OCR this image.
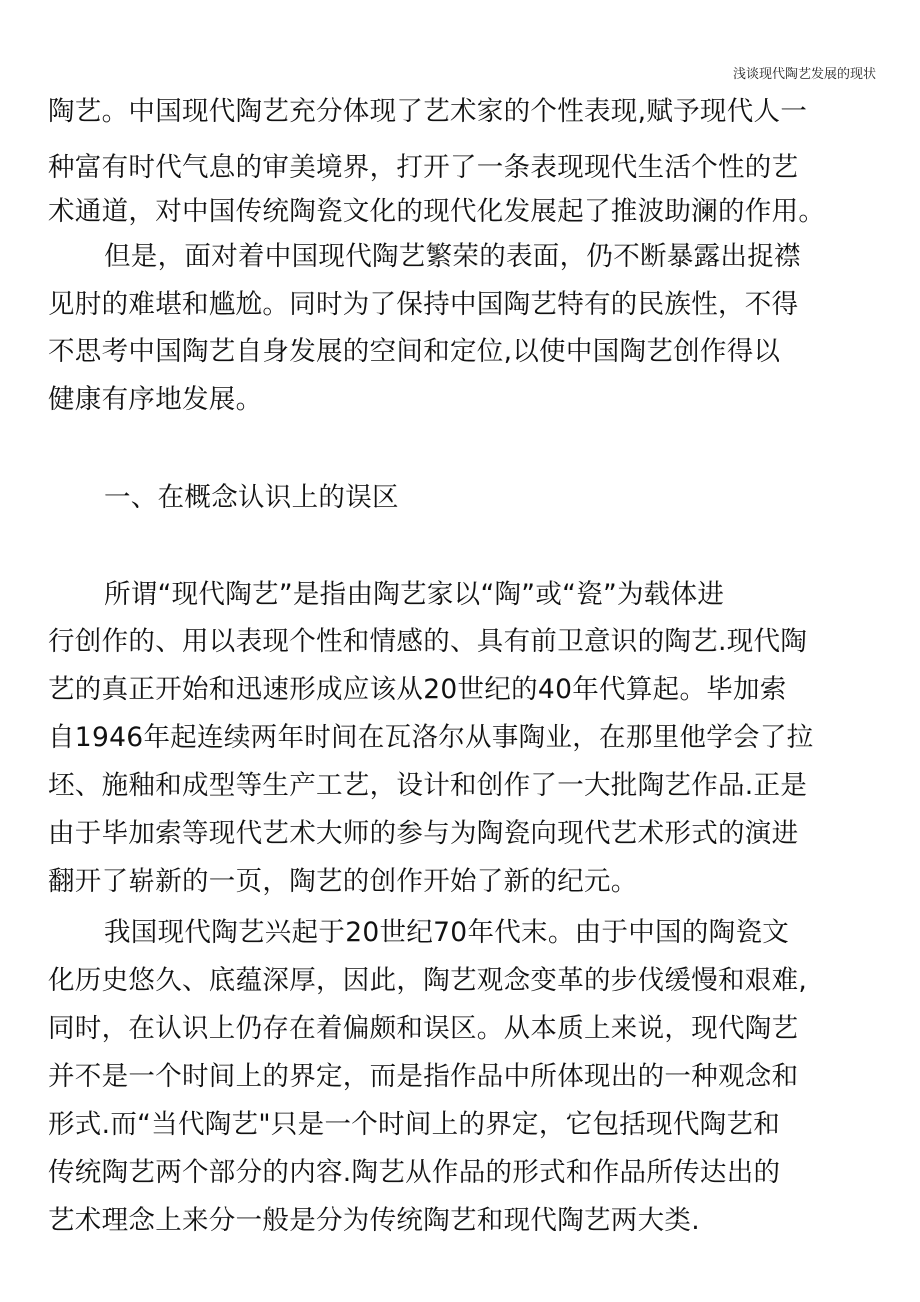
浅谈现代陶艺发展的现状
陶艺。中国现代陶艺充分体现了艺术家的个性表现,赋予现代人一
种富有时代气息的审美境界，打开了一条表现现代生活个性的艺
术通道，对中国传统陶瓷文化的现代化发展起了推波助澜的作用。
但是，面对着中国现代陶艺繁荣的表面，仍不断暴露出捉襟
见肘的难堪和尴尬。同时为了保持中国陶艺特有的民族性，不得
不思考中国陶艺自身发展的空间和定位,以使中国陶艺创作得以
健康有序地发展。
一、在概念认识上的误区
所谓“现代陶艺”是指由陶艺家以“陶”或“瓷”为载体进
行创作的、用以表现个性和情感的、具有前卫意识的陶艺.现代陶
艺的真正开始和迅速形成应该从20世纪的40年代算起。毕加索
自1946年起连续两年时间在瓦洛尔从事陶业，在那里他学会了拉
坯、施釉和成型等生产工艺，设计和创作了一大批陶艺作品.正是
由于毕加索等现代艺术大师的参与为陶瓷向现代艺术形式的演进
翻开了崭新的一页，陶艺的创作开始了新的纪元。
我国现代陶艺兴起于20世纪70年代末。由于中国的陶瓷文
化历史悠久、底蕴深厚，因此，陶艺观念变革的步伐缓慢和艰难,
同时，在认识上仍存在着偏颇和误区。从本质上来说，现代陶艺
并不是一个时间上的界定，而是指作品中所体现出的一种观念和
形式.而“当代陶艺"只是一个时间上的界定，它包括现代陶艺和
传统陶艺两个部分的内容.陶艺从作品的形式和作品所传达出的
艺术理念上来分一般是分为传统陶艺和现代陶艺两大类.
